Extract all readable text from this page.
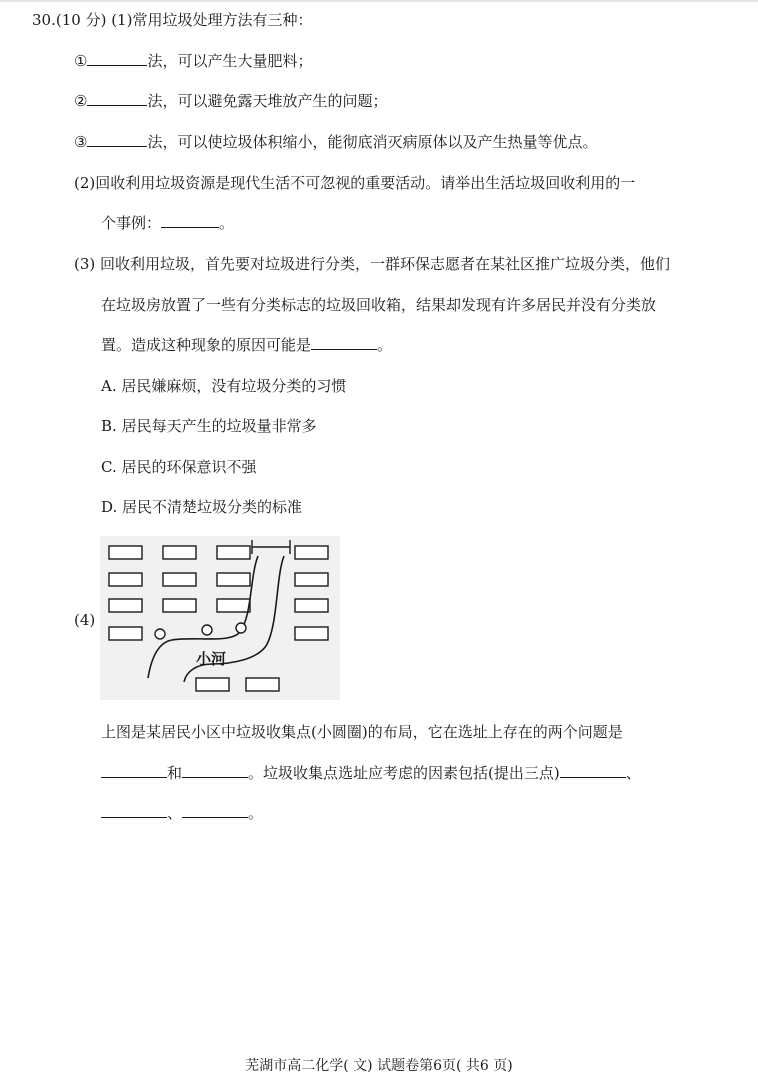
30.(10 分) (1)常用垃圾处理方法有三种：
①	法，可以产生大量肥料；
②	法，可以避免露天堆放产生的问题；
③	法，可以使垃圾体积缩小，能彻底消灭病原体以及产生热量等优点。
(2)回收利用垃圾资源是现代生活不可忽视的重要活动。请举出生活垃圾回收利用的一
个事例：	。
(3) 回收利用垃圾，首先要对垃圾进行分类，一群环保志愿者在某社区推广垃圾分类，他们
在垃圾房放置了一些有分类标志的垃圾回收箱，结果却发现有许多居民并没有分类放
置。造成这种现象的原因可能是	。
A. 居民嫌麻烦，没有垃圾分类的习惯
B. 居民每天产生的垃圾量非常多
C. 居民的环保意识不强
D. 居民不清楚垃圾分类的标准
(4)
小河
上图是某居民小区中垃圾收集点(小圆圈)的布局，它在选址上存在的两个问题是
和	。垃圾收集点选址应考虑的因素包括(提出三点)	、
、	。
芜湖市高二化学( 文) 试题卷第6页( 共6 页)
